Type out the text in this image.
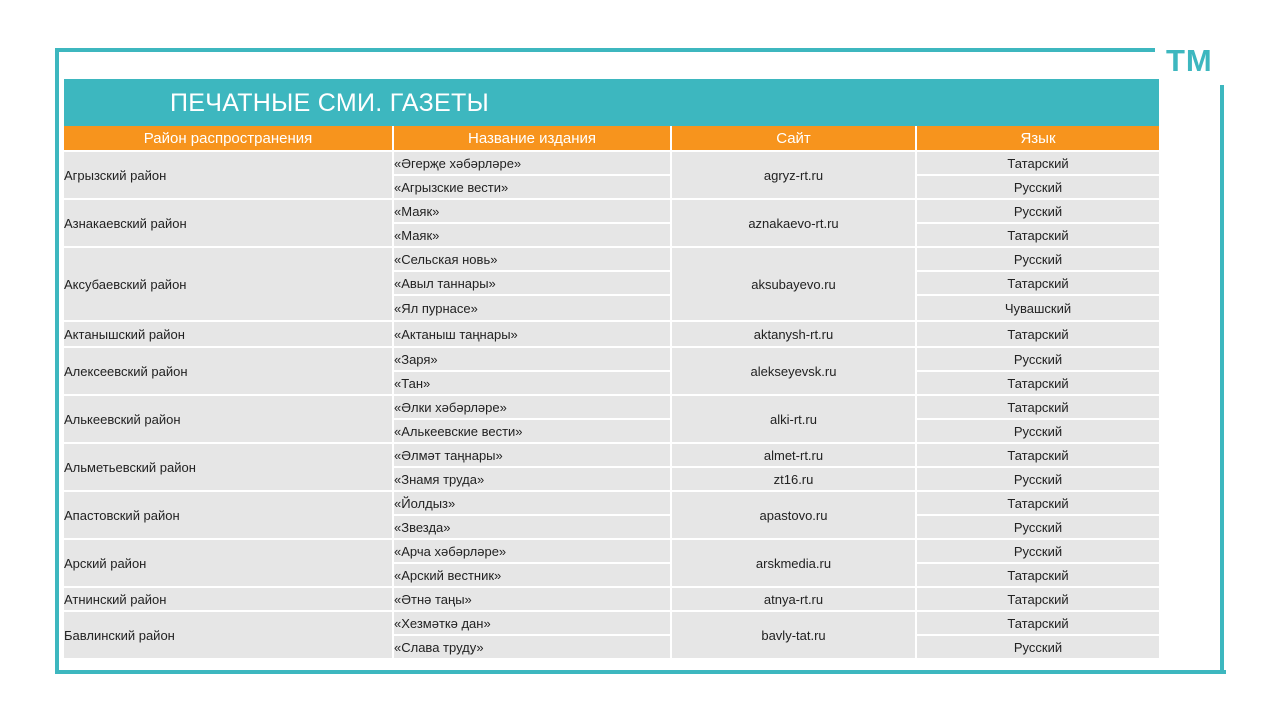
ТМ
ПЕЧАТНЫЕ СМИ. ГАЗЕТЫ
Район распространения	Название издания	Сайт	Язык
Агрызский район	«Әгерҗе хәбәрләре»	agryz-rt.ru	Татарский
	«Агрызские вести»		Русский
Азнакаевский район	«Маяк»	aznakaevo-rt.ru	Русский
	«Маяк»		Татарский
Аксубаевский район	«Сельская новь»	aksubayevo.ru	Русский
	«Авыл таннары»		Татарский
	«Ял пурнасе»		Чувашский
Актанышский район	«Актаныш таңнары»	aktanysh-rt.ru	Татарский
Алексеевский район	«Заря»	alekseyevsk.ru	Русский
	«Тан»		Татарский
Алькеевский район	«Әлки хәбәрләре»	alki-rt.ru	Татарский
	«Алькеевские вести»		Русский
Альметьевский район	«Әлмәт таңнары»	almet-rt.ru	Татарский
	«Знамя труда»	zt16.ru	Русский
Апастовский район	«Йолдыз»	apastovo.ru	Татарский
	«Звезда»		Русский
Арский район	«Арча хәбәрләре»	arskmedia.ru	Русский
	«Арский вестник»		Татарский
Атнинский район	«Әтнә таңы»	atnya-rt.ru	Татарский
Бавлинский район	«Хезмәткә дан»	bavly-tat.ru	Татарский
	«Слава труду»		Русский
